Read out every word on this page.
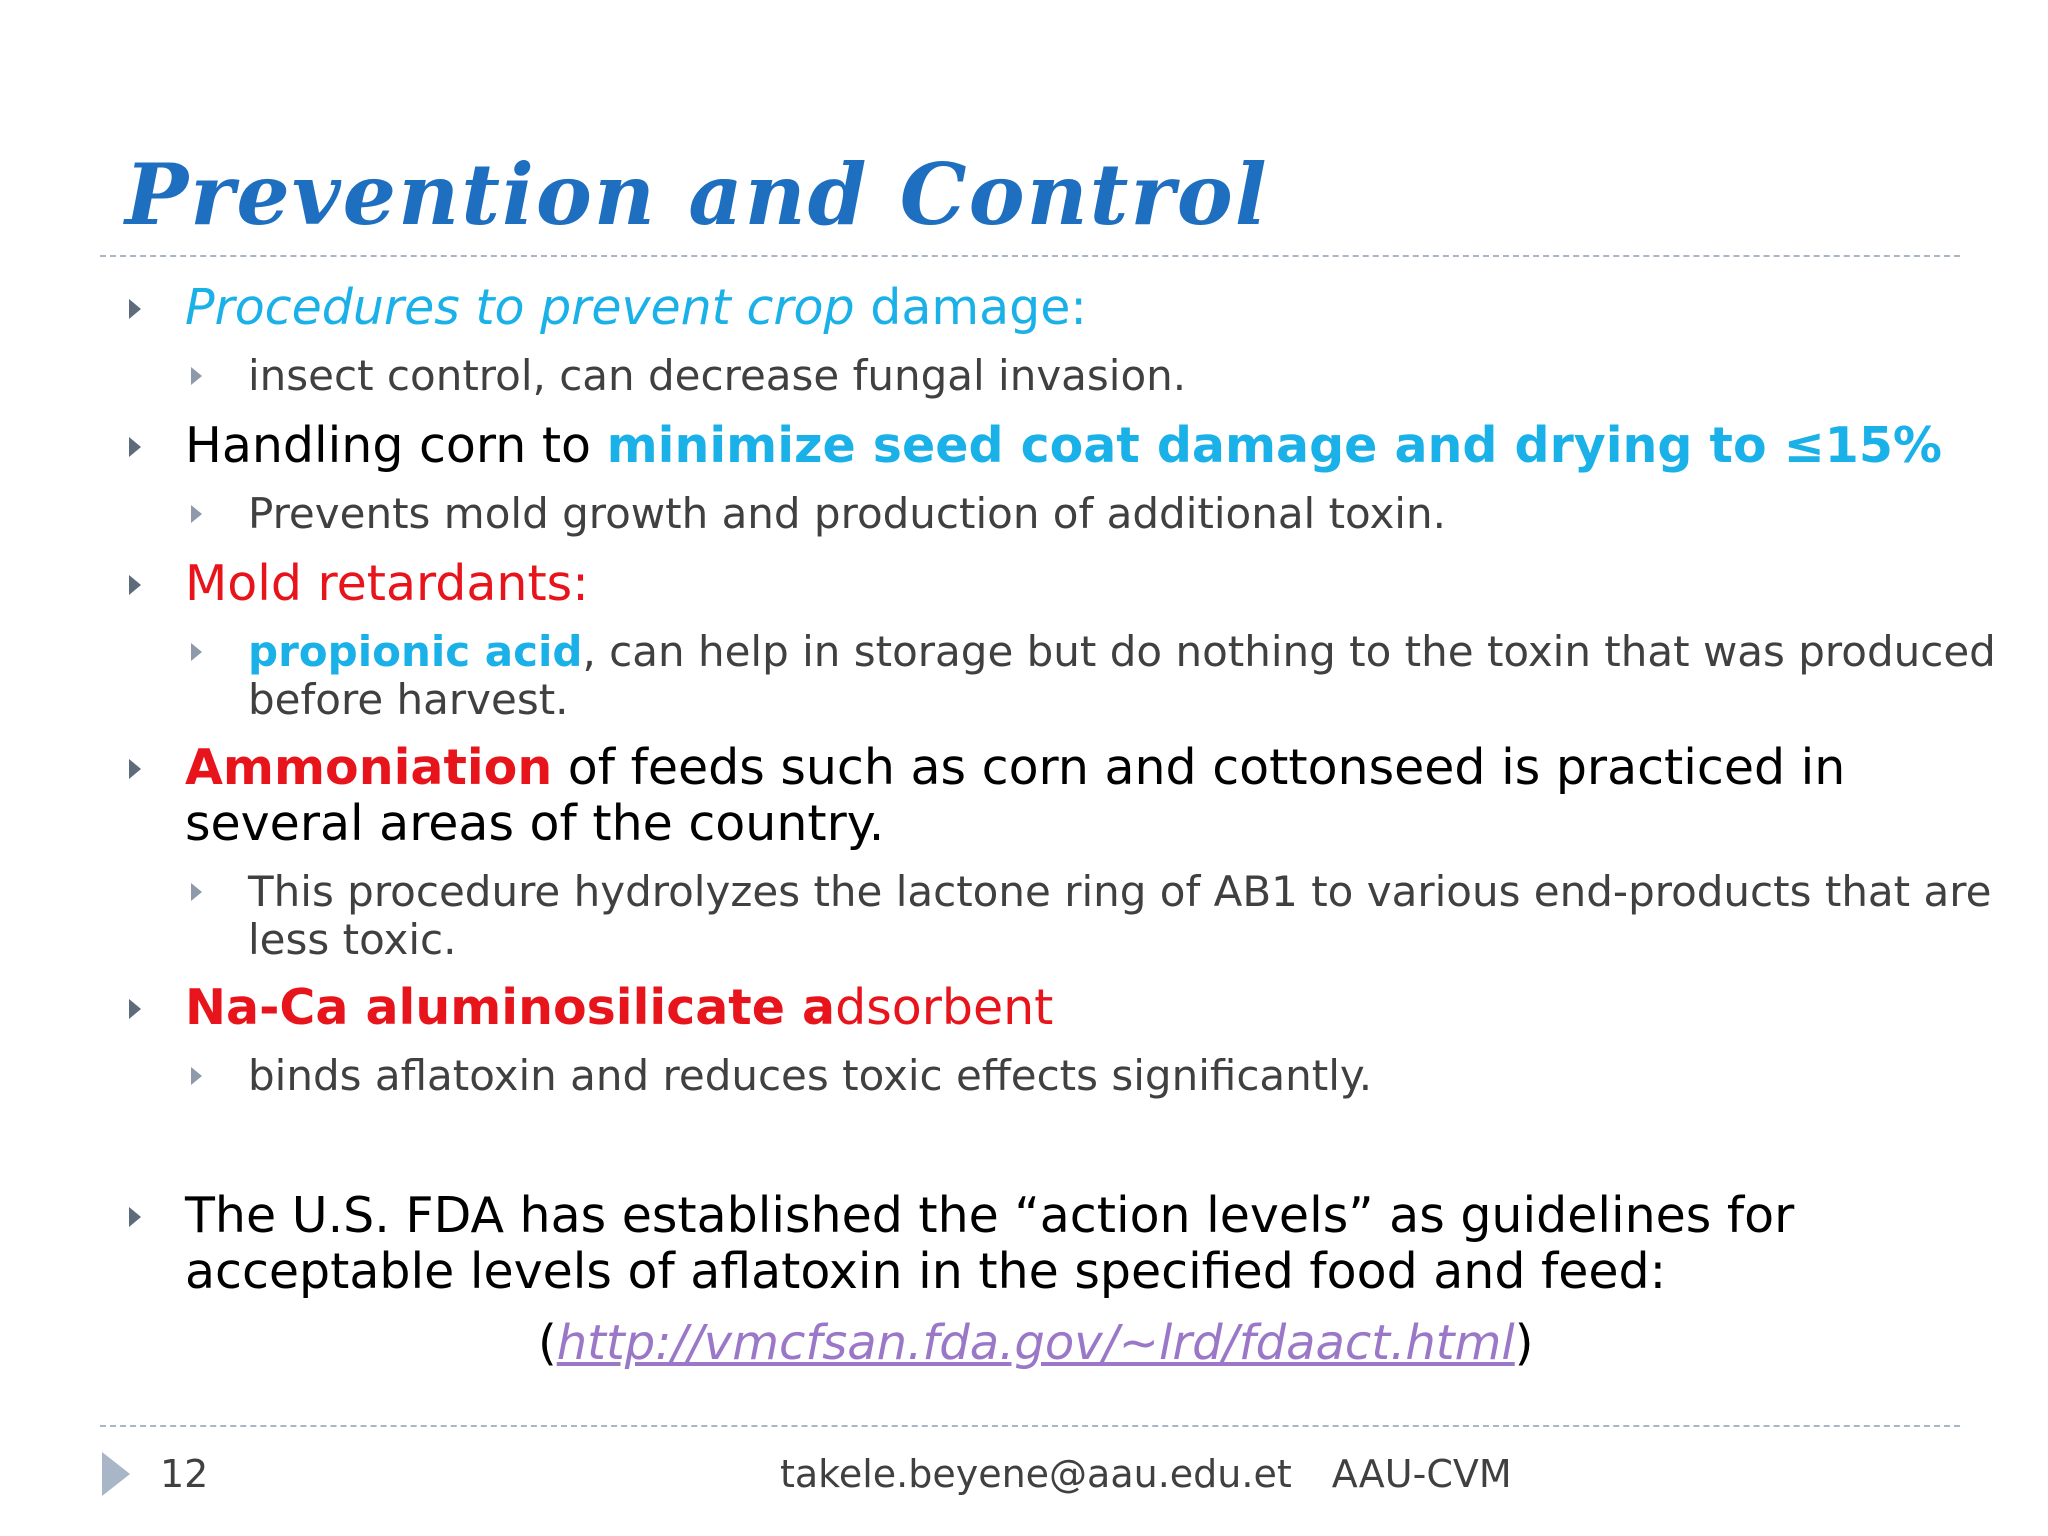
Prevention and Control
Procedures to prevent crop damage:
insect control, can decrease fungal invasion.
Handling corn to minimize seed coat damage and drying to ≤15%
Prevents mold growth and production of additional toxin.
Mold retardants:
propionic acid, can help in storage but do nothing to the toxin that was produced before harvest.
Ammoniation of feeds such as corn and cottonseed is practiced in several areas of the country.
This procedure hydrolyzes the lactone ring of AB1 to various end-products that are less toxic.
Na-Ca aluminosilicate adsorbent
binds aflatoxin and reduces toxic effects significantly.
The U.S. FDA has established the “action levels” as guidelines for acceptable levels of aflatoxin in the specified food and feed:
(http://vmcfsan.fda.gov/~lrd/fdaact.html)
12	takele.beyene@aau.edu.et AAU-CVM
